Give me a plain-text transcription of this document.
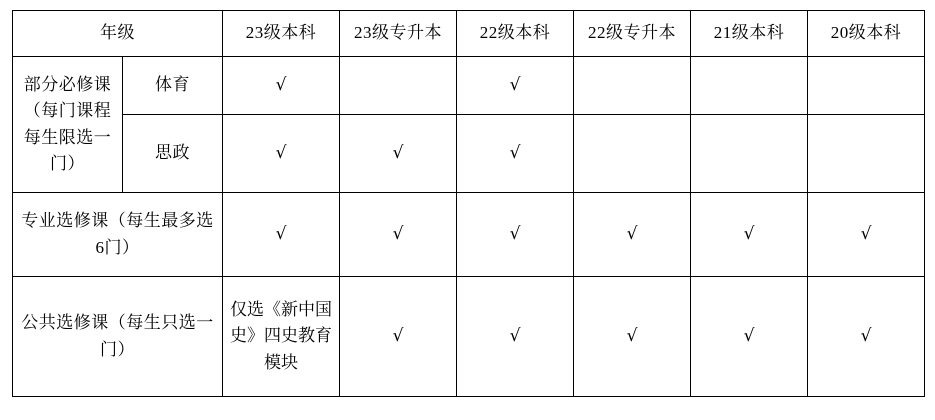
年级		23级本科	23级专升本	22级本科	22级专升本	21级本科	20级本科
部分必修课（每门课程每生限选一门）	体育	√		√			
	思政	√	√	√			
专业选修课（每生最多选6门）		√	√	√	√	√	√
公共选修课（每生只选一门）		仅选《新中国史》四史教育模块	√	√	√	√	√
